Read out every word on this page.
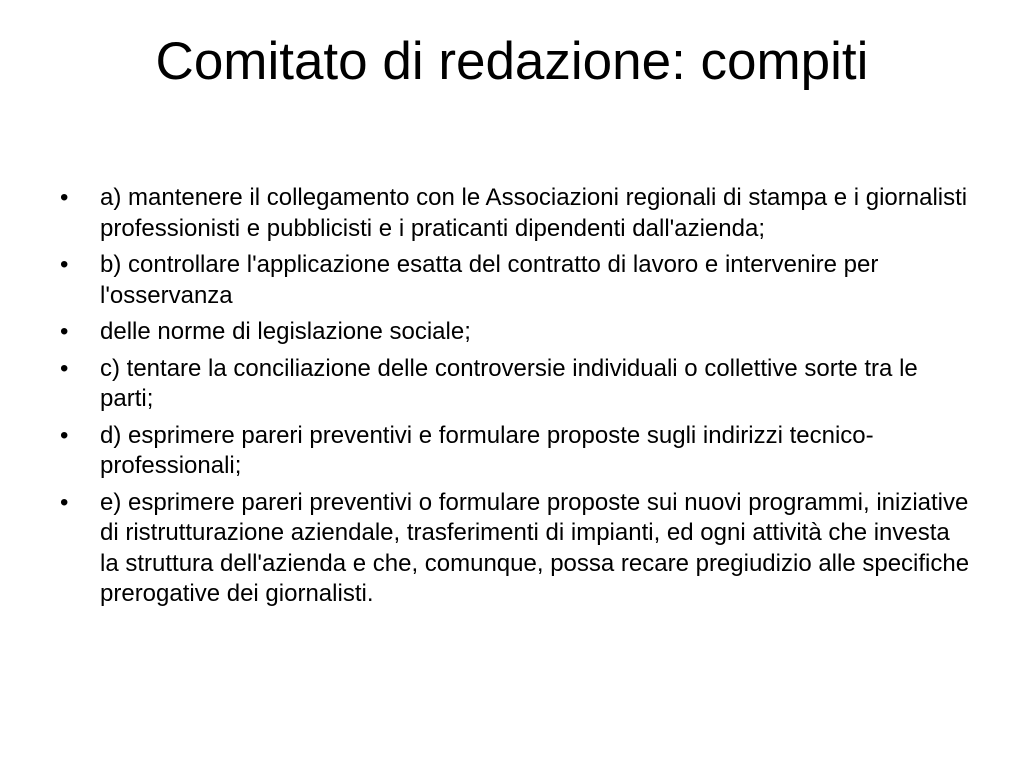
Comitato di redazione: compiti
•	a) mantenere il collegamento con le Associazioni regionali di stampa e i giornalisti professionisti e pubblicisti e i praticanti dipendenti dall'azienda;
•	b) controllare l'applicazione esatta del contratto di lavoro e intervenire per l'osservanza
•	delle norme di legislazione sociale;
•	c) tentare la conciliazione delle controversie individuali o collettive sorte tra le parti;
•	d) esprimere pareri preventivi e formulare proposte sugli indirizzi tecnico-professionali;
•	e) esprimere pareri preventivi o formulare proposte sui nuovi programmi, iniziative di ristrutturazione aziendale, trasferimenti di impianti, ed ogni attività che investa la struttura dell'azienda e che, comunque, possa recare pregiudizio alle specifiche prerogative dei giornalisti.
